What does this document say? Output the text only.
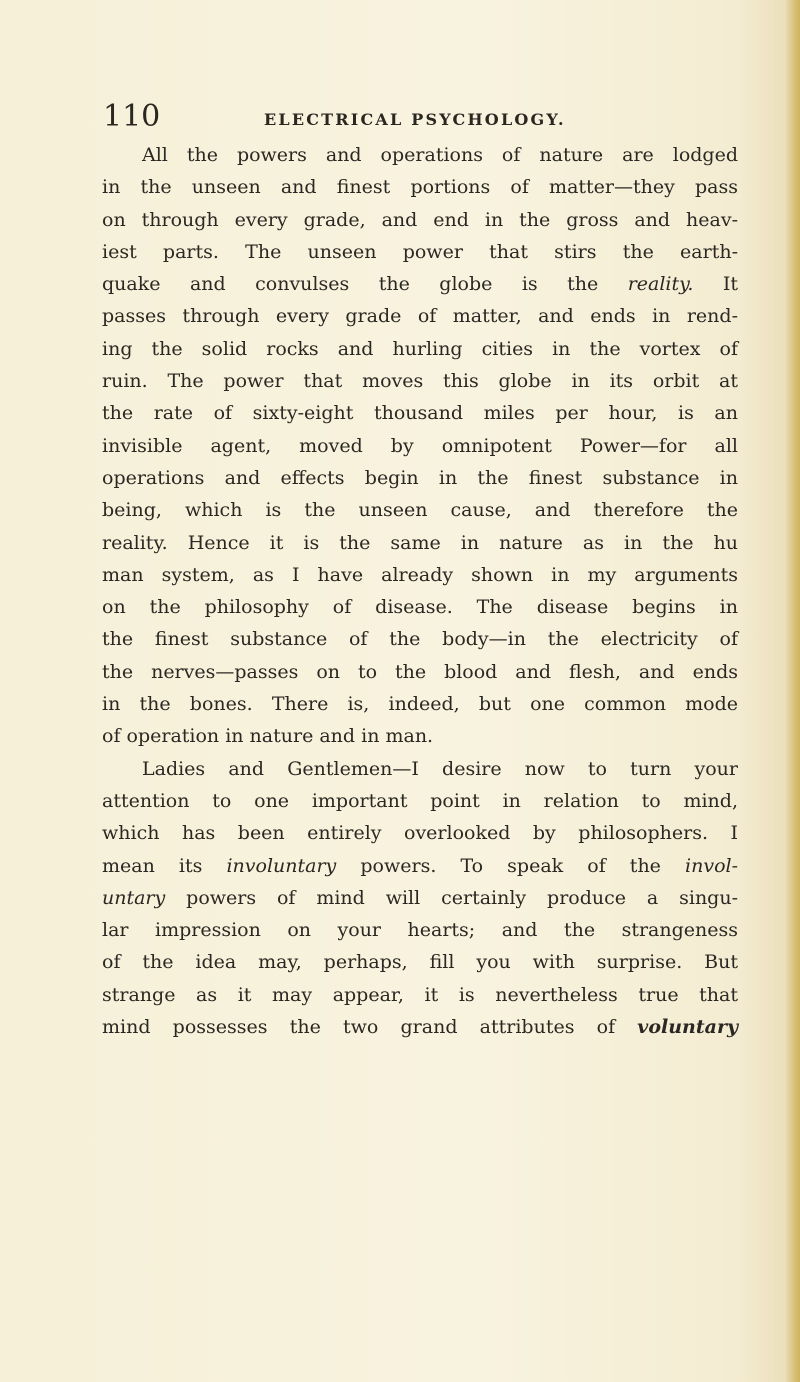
110	ELECTRICAL PSYCHOLOGY.
All the powers and operations of nature are lodged
in the unseen and finest portions of matter—they pass
on through every grade, and end in the gross and heav-
iest parts. The unseen power that stirs the earth-
quake and convulses the globe is the reality. It
passes through every grade of matter, and ends in rend-
ing the solid rocks and hurling cities in the vortex of
ruin. The power that moves this globe in its orbit at
the rate of sixty-eight thousand miles per hour, is an
invisible agent, moved by omnipotent Power—for all
operations and effects begin in the finest substance in
being, which is the unseen cause, and therefore the
reality. Hence it is the same in nature as in the hu
man system, as I have already shown in my arguments
on the philosophy of disease. The disease begins in
the finest substance of the body—in the electricity of
the nerves—passes on to the blood and flesh, and ends
in the bones. There is, indeed, but one common mode
of operation in nature and in man.
Ladies and Gentlemen—I desire now to turn your
attention to one important point in relation to mind,
which has been entirely overlooked by philosophers. I
mean its involuntary powers. To speak of the invol-
untary powers of mind will certainly produce a singu-
lar impression on your hearts; and the strangeness
of the idea may, perhaps, fill you with surprise. But
strange as it may appear, it is nevertheless true that
mind possesses the two grand attributes of voluntary
